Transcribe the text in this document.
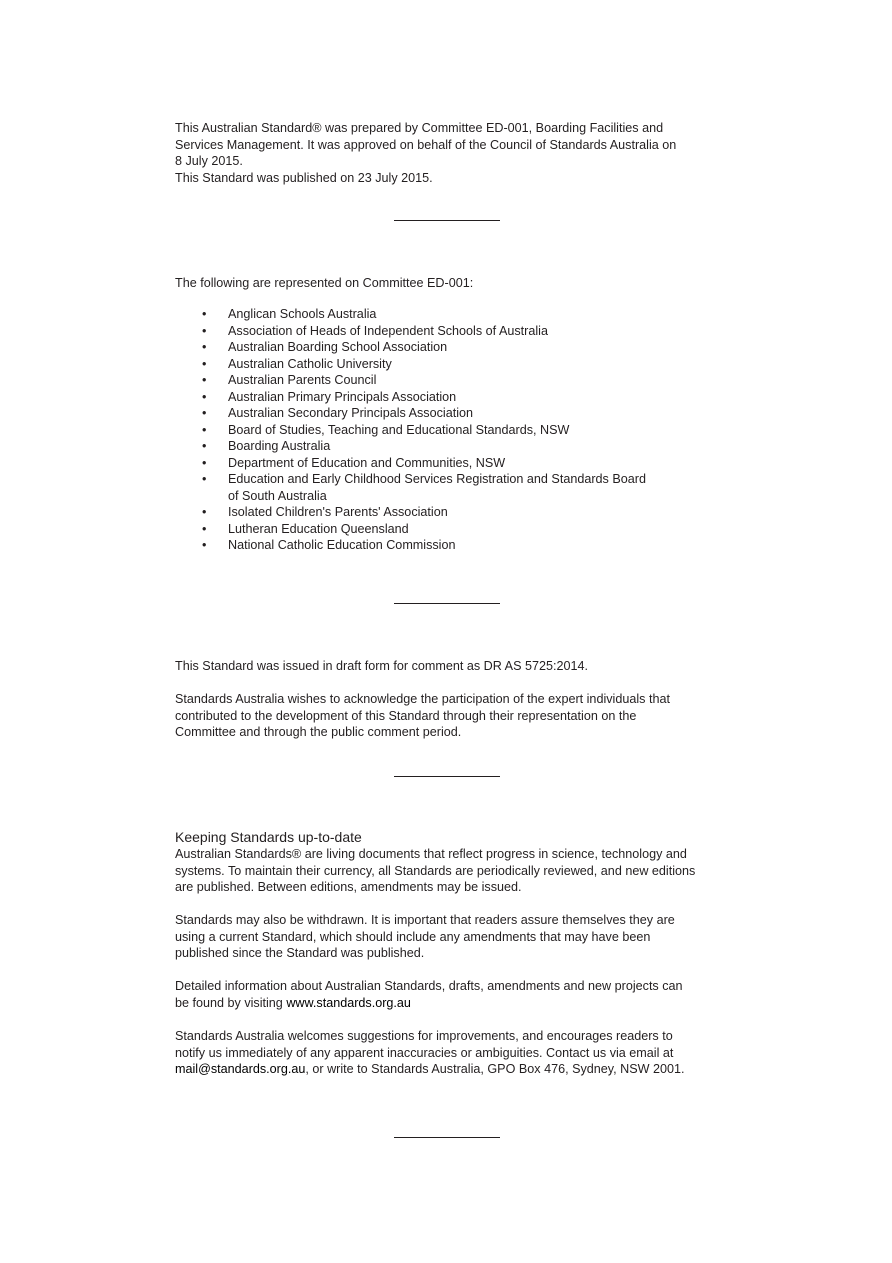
This Australian Standard® was prepared by Committee ED-001, Boarding Facilities and

Services Management. It was approved on behalf of the Council of Standards Australia on

8 July 2015.

This Standard was published on 23 July 2015.

The following are represented on Committee ED-001:

• Anglican Schools Australia
• Association of Heads of Independent Schools of Australia
• Australian Boarding School Association
• Australian Catholic University
• Australian Parents Council
• Australian Primary Principals Association
• Australian Secondary Principals Association
• Board of Studies, Teaching and Educational Standards, NSW
• Boarding Australia
• Department of Education and Communities, NSW
• Education and Early Childhood Services Registration and Standards Board
of South Australia
• Isolated Children's Parents' Association
• Lutheran Education Queensland
• National Catholic Education Commission

This Standard was issued in draft form for comment as DR AS 5725:2014.

Standards Australia wishes to acknowledge the participation of the expert individuals that

contributed to the development of this Standard through their representation on the

Committee and through the public comment period.

Keeping Standards up-to-date

Australian Standards® are living documents that reflect progress in science, technology and

systems. To maintain their currency, all Standards are periodically reviewed, and new editions

are published. Between editions, amendments may be issued.

Standards may also be withdrawn. It is important that readers assure themselves they are

using a current Standard, which should include any amendments that may have been

published since the Standard was published.

Detailed information about Australian Standards, drafts, amendments and new projects can

be found by visiting www.standards.org.au

Standards Australia welcomes suggestions for improvements, and encourages readers to

notify us immediately of any apparent inaccuracies or ambiguities. Contact us via email at

mail@standards.org.au, or write to Standards Australia, GPO Box 476, Sydney, NSW 2001.
